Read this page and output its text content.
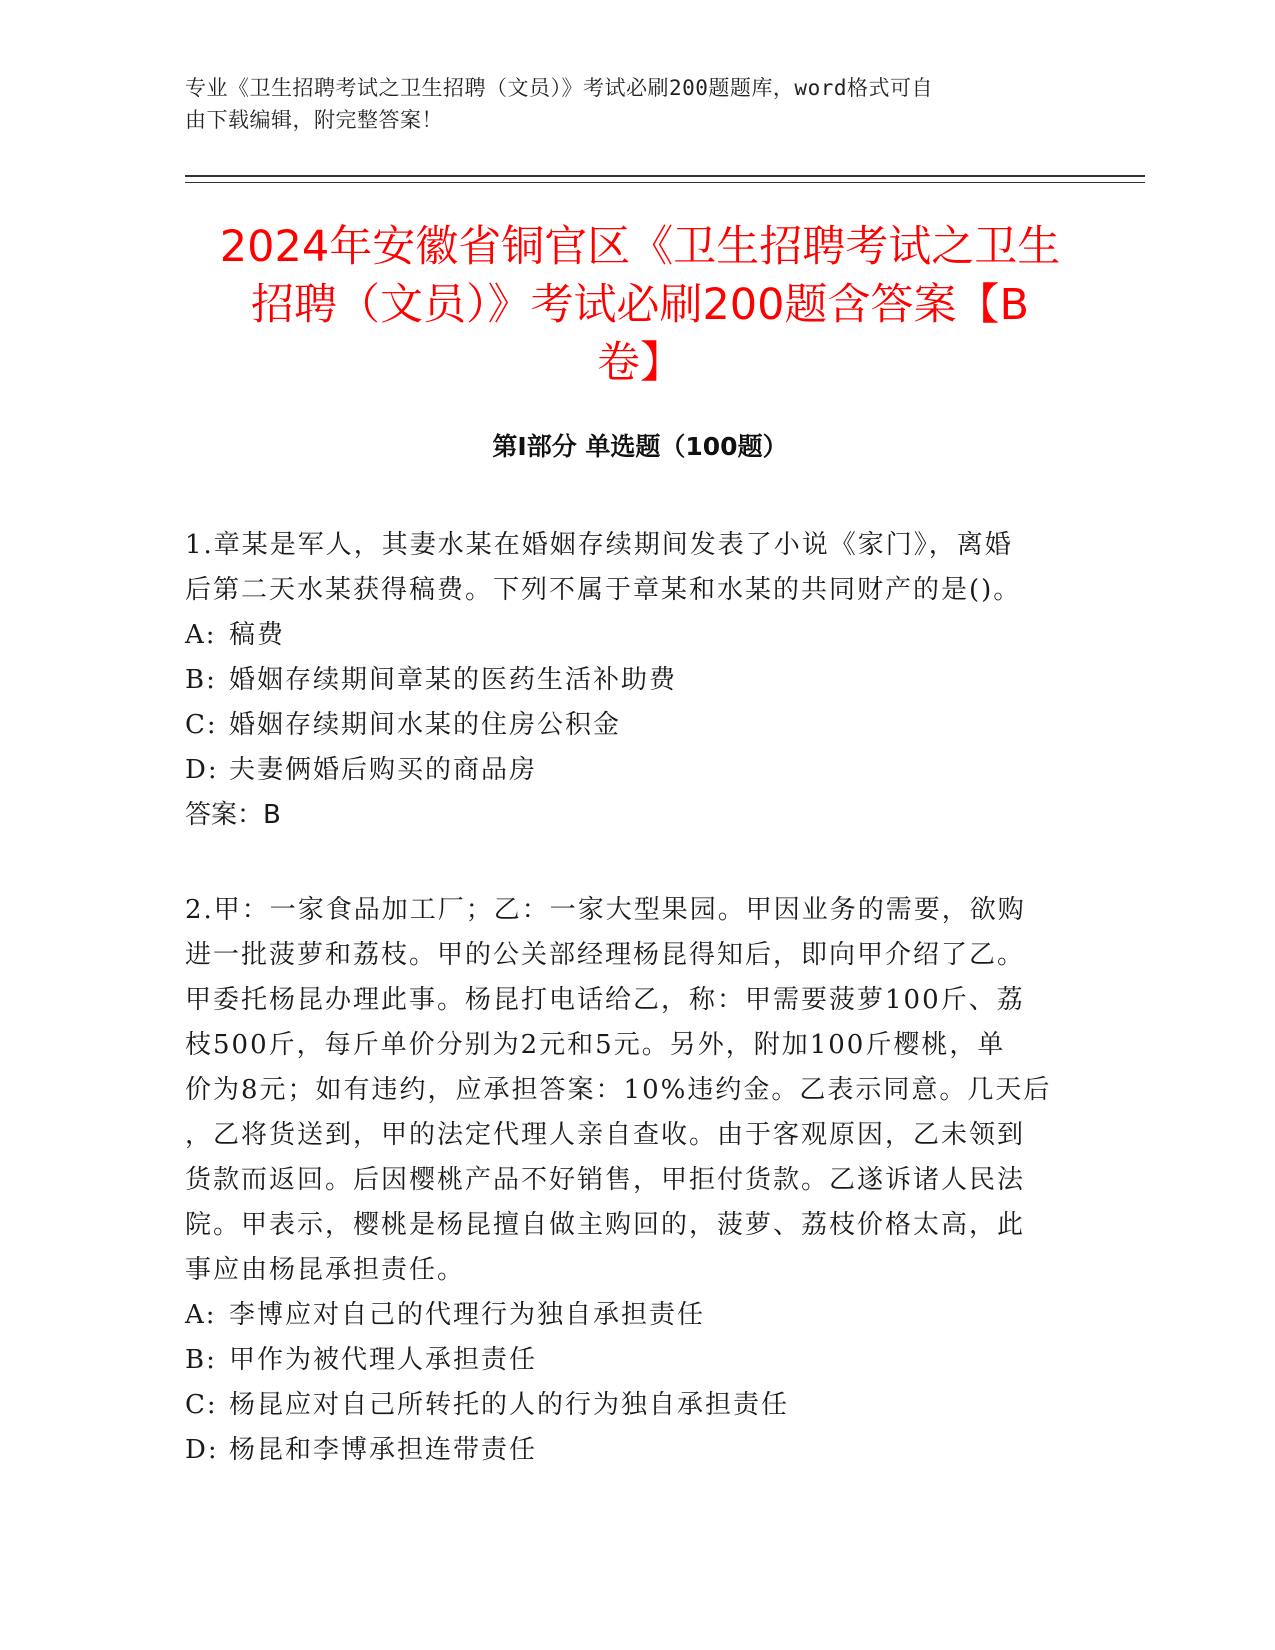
专业《卫生招聘考试之卫生招聘（文员）》考试必刷200题题库，word格式可自
由下载编辑，附完整答案！
2024年安徽省铜官区《卫生招聘考试之卫生
招聘（文员）》考试必刷200题含答案【B
卷】
第Ⅰ部分 单选题（100题）

1.章某是军人，其妻水某在婚姻存续期间发表了小说《家门》，离婚

后第二天水某获得稿费。下列不属于章某和水某的共同财产的是()。

A: 稿费
B: 婚姻存续期间章某的医药生活补助费
C: 婚姻存续期间水某的住房公积金
D: 夫妻俩婚后购买的商品房

答案：B

2.甲：一家食品加工厂；乙：一家大型果园。甲因业务的需要，欲购

进一批菠萝和荔枝。甲的公关部经理杨昆得知后，即向甲介绍了乙。

甲委托杨昆办理此事。杨昆打电话给乙，称：甲需要菠萝100斤、荔

枝500斤，每斤单价分别为2元和5元。另外，附加100斤樱桃，单

价为8元；如有违约，应承担答案：10%违约金。乙表示同意。几天后

，乙将货送到，甲的法定代理人亲自查收。由于客观原因，乙未领到

货款而返回。后因樱桃产品不好销售，甲拒付货款。乙遂诉诸人民法

院。甲表示，樱桃是杨昆擅自做主购回的，菠萝、荔枝价格太高，此

事应由杨昆承担责任。

A: 李博应对自己的代理行为独自承担责任
B: 甲作为被代理人承担责任
C: 杨昆应对自己所转托的人的行为独自承担责任
D: 杨昆和李博承担连带责任
